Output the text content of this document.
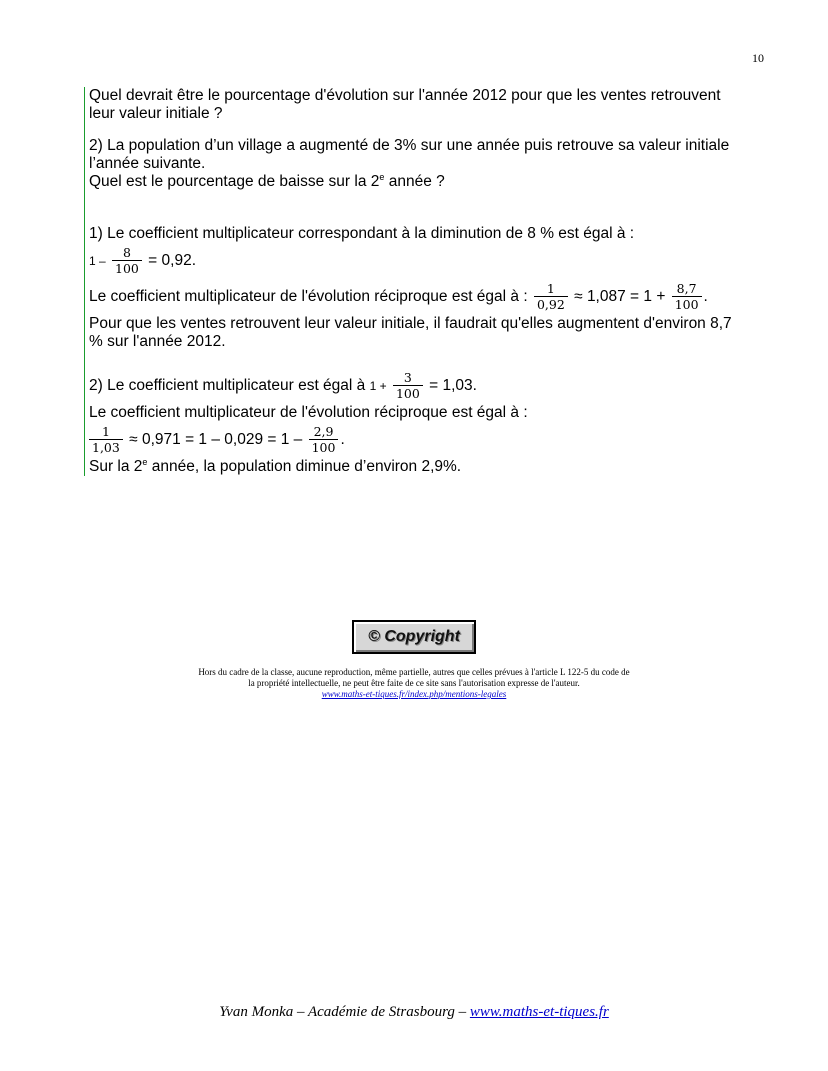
10
Quel devrait être le pourcentage d'évolution sur l'année 2012 pour que les ventes retrouvent
leur valeur initiale ?
2) La population d’un village a augmenté de 3% sur une année puis retrouve sa valeur initiale
l’année suivante.
Quel est le pourcentage de baisse sur la 2e année ?
1) Le coefficient multiplicateur correspondant à la diminution de 8 % est égal à :
$1 - \frac{8}{100} = 0,92$.
Le coefficient multiplicateur de l'évolution réciproque est égal à : $\frac{1}{0,92} \approx 1,087 = 1 + \frac{8,7}{100}$ .
Pour que les ventes retrouvent leur valeur initiale, il faudrait qu'elles augmentent d'environ 8,7
% sur l'année 2012.
2) Le coefficient multiplicateur est égal à $1 + \frac{3}{100} = 1,03$.
Le coefficient multiplicateur de l'évolution réciproque est égal à :
$\frac{1}{1,03} \approx 0,971 = 1 - 0,029 = 1 - \frac{2,9}{100}$ .
Sur la 2e année, la population diminue d’environ 2,9%.
© Copyright
Hors du cadre de la classe, aucune reproduction, même partielle, autres que celles prévues à l'article L 122-5 du code de
la propriété intellectuelle, ne peut être faite de ce site sans l'autorisation expresse de l'auteur.
www.maths-et-tiques.fr/index.php/mentions-legales
Yvan Monka – Académie de Strasbourg – www.maths-et-tiques.fr
